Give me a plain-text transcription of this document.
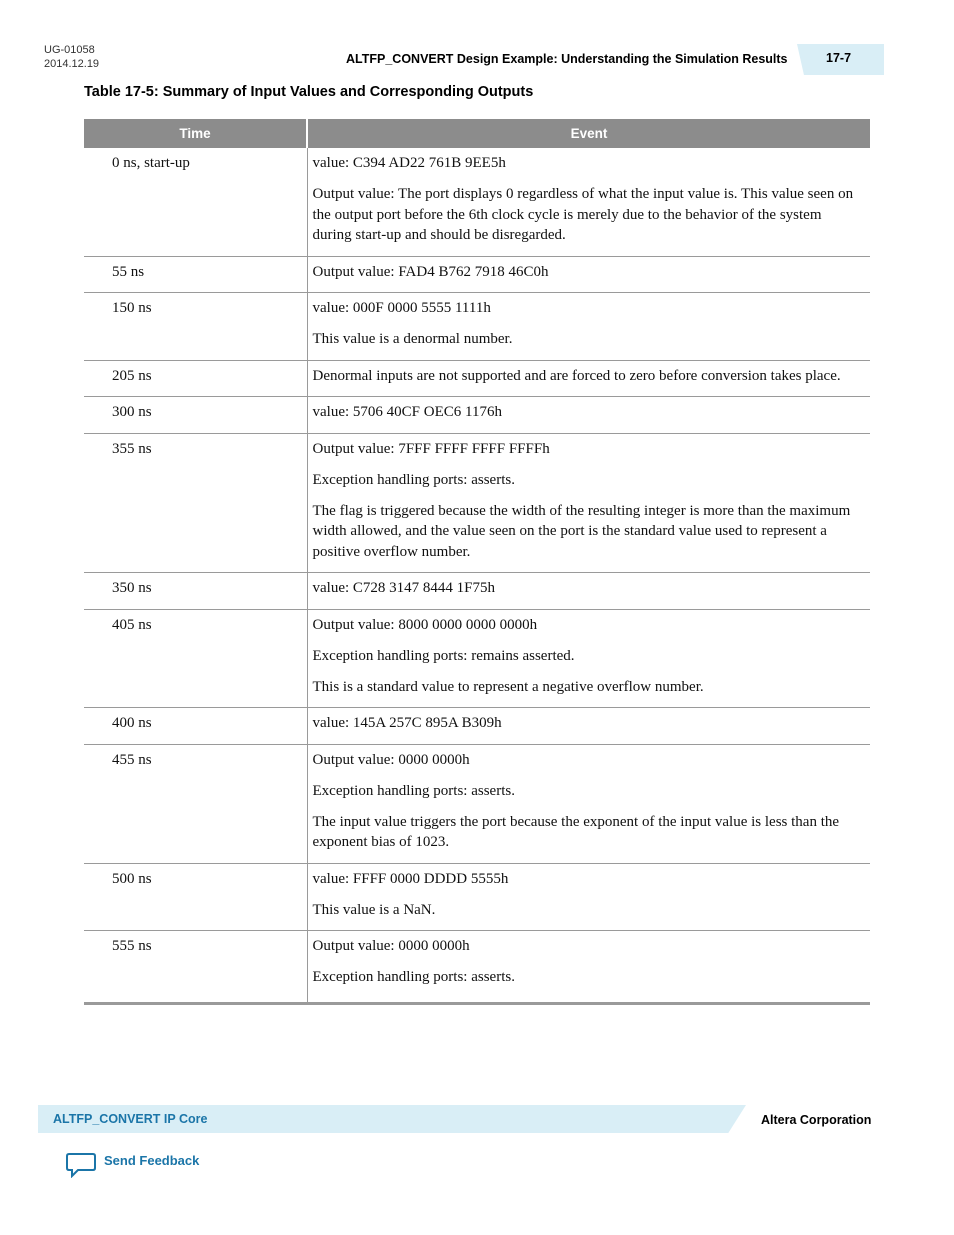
UG-01058
2014.12.19	ALTFP_CONVERT Design Example: Understanding the Simulation Results	17-7
Table 17-5: Summary of Input Values and Corresponding Outputs
Time	Event
0 ns, start-up	value: C394 AD22 761B 9EE5h
Output value: The port displays 0 regardless of what the input value is. This value seen on the output port before the 6th clock cycle is merely due to the behavior of the system during start-up and should be disregarded.

55 ns	Output value: FAD4 B762 7918 46C0h

150 ns	value: 000F 0000 5555 1111h
This value is a denormal number.

205 ns	Denormal inputs are not supported and are forced to zero before conversion takes place.

300 ns	value: 5706 40CF OEC6 1176h

355 ns	Output value: 7FFF FFFF FFFF FFFFh
Exception handling ports: asserts.
The flag is triggered because the width of the resulting integer is more than the maximum width allowed, and the value seen on the port is the standard value used to represent a positive overflow number.

350 ns	value: C728 3147 8444 1F75h

405 ns	Output value: 8000 0000 0000 0000h
Exception handling ports: remains asserted.
This is a standard value to represent a negative overflow number.

400 ns	value: 145A 257C 895A B309h

455 ns	Output value: 0000 0000h
Exception handling ports: asserts.
The input value triggers the port because the exponent of the input value is less than the exponent bias of 1023.

500 ns	value: FFFF 0000 DDDD 5555h
This value is a NaN.

555 ns	Output value: 0000 0000h
Exception handling ports: asserts.
ALTFP_CONVERT IP Core	Altera Corporation
Send Feedback
